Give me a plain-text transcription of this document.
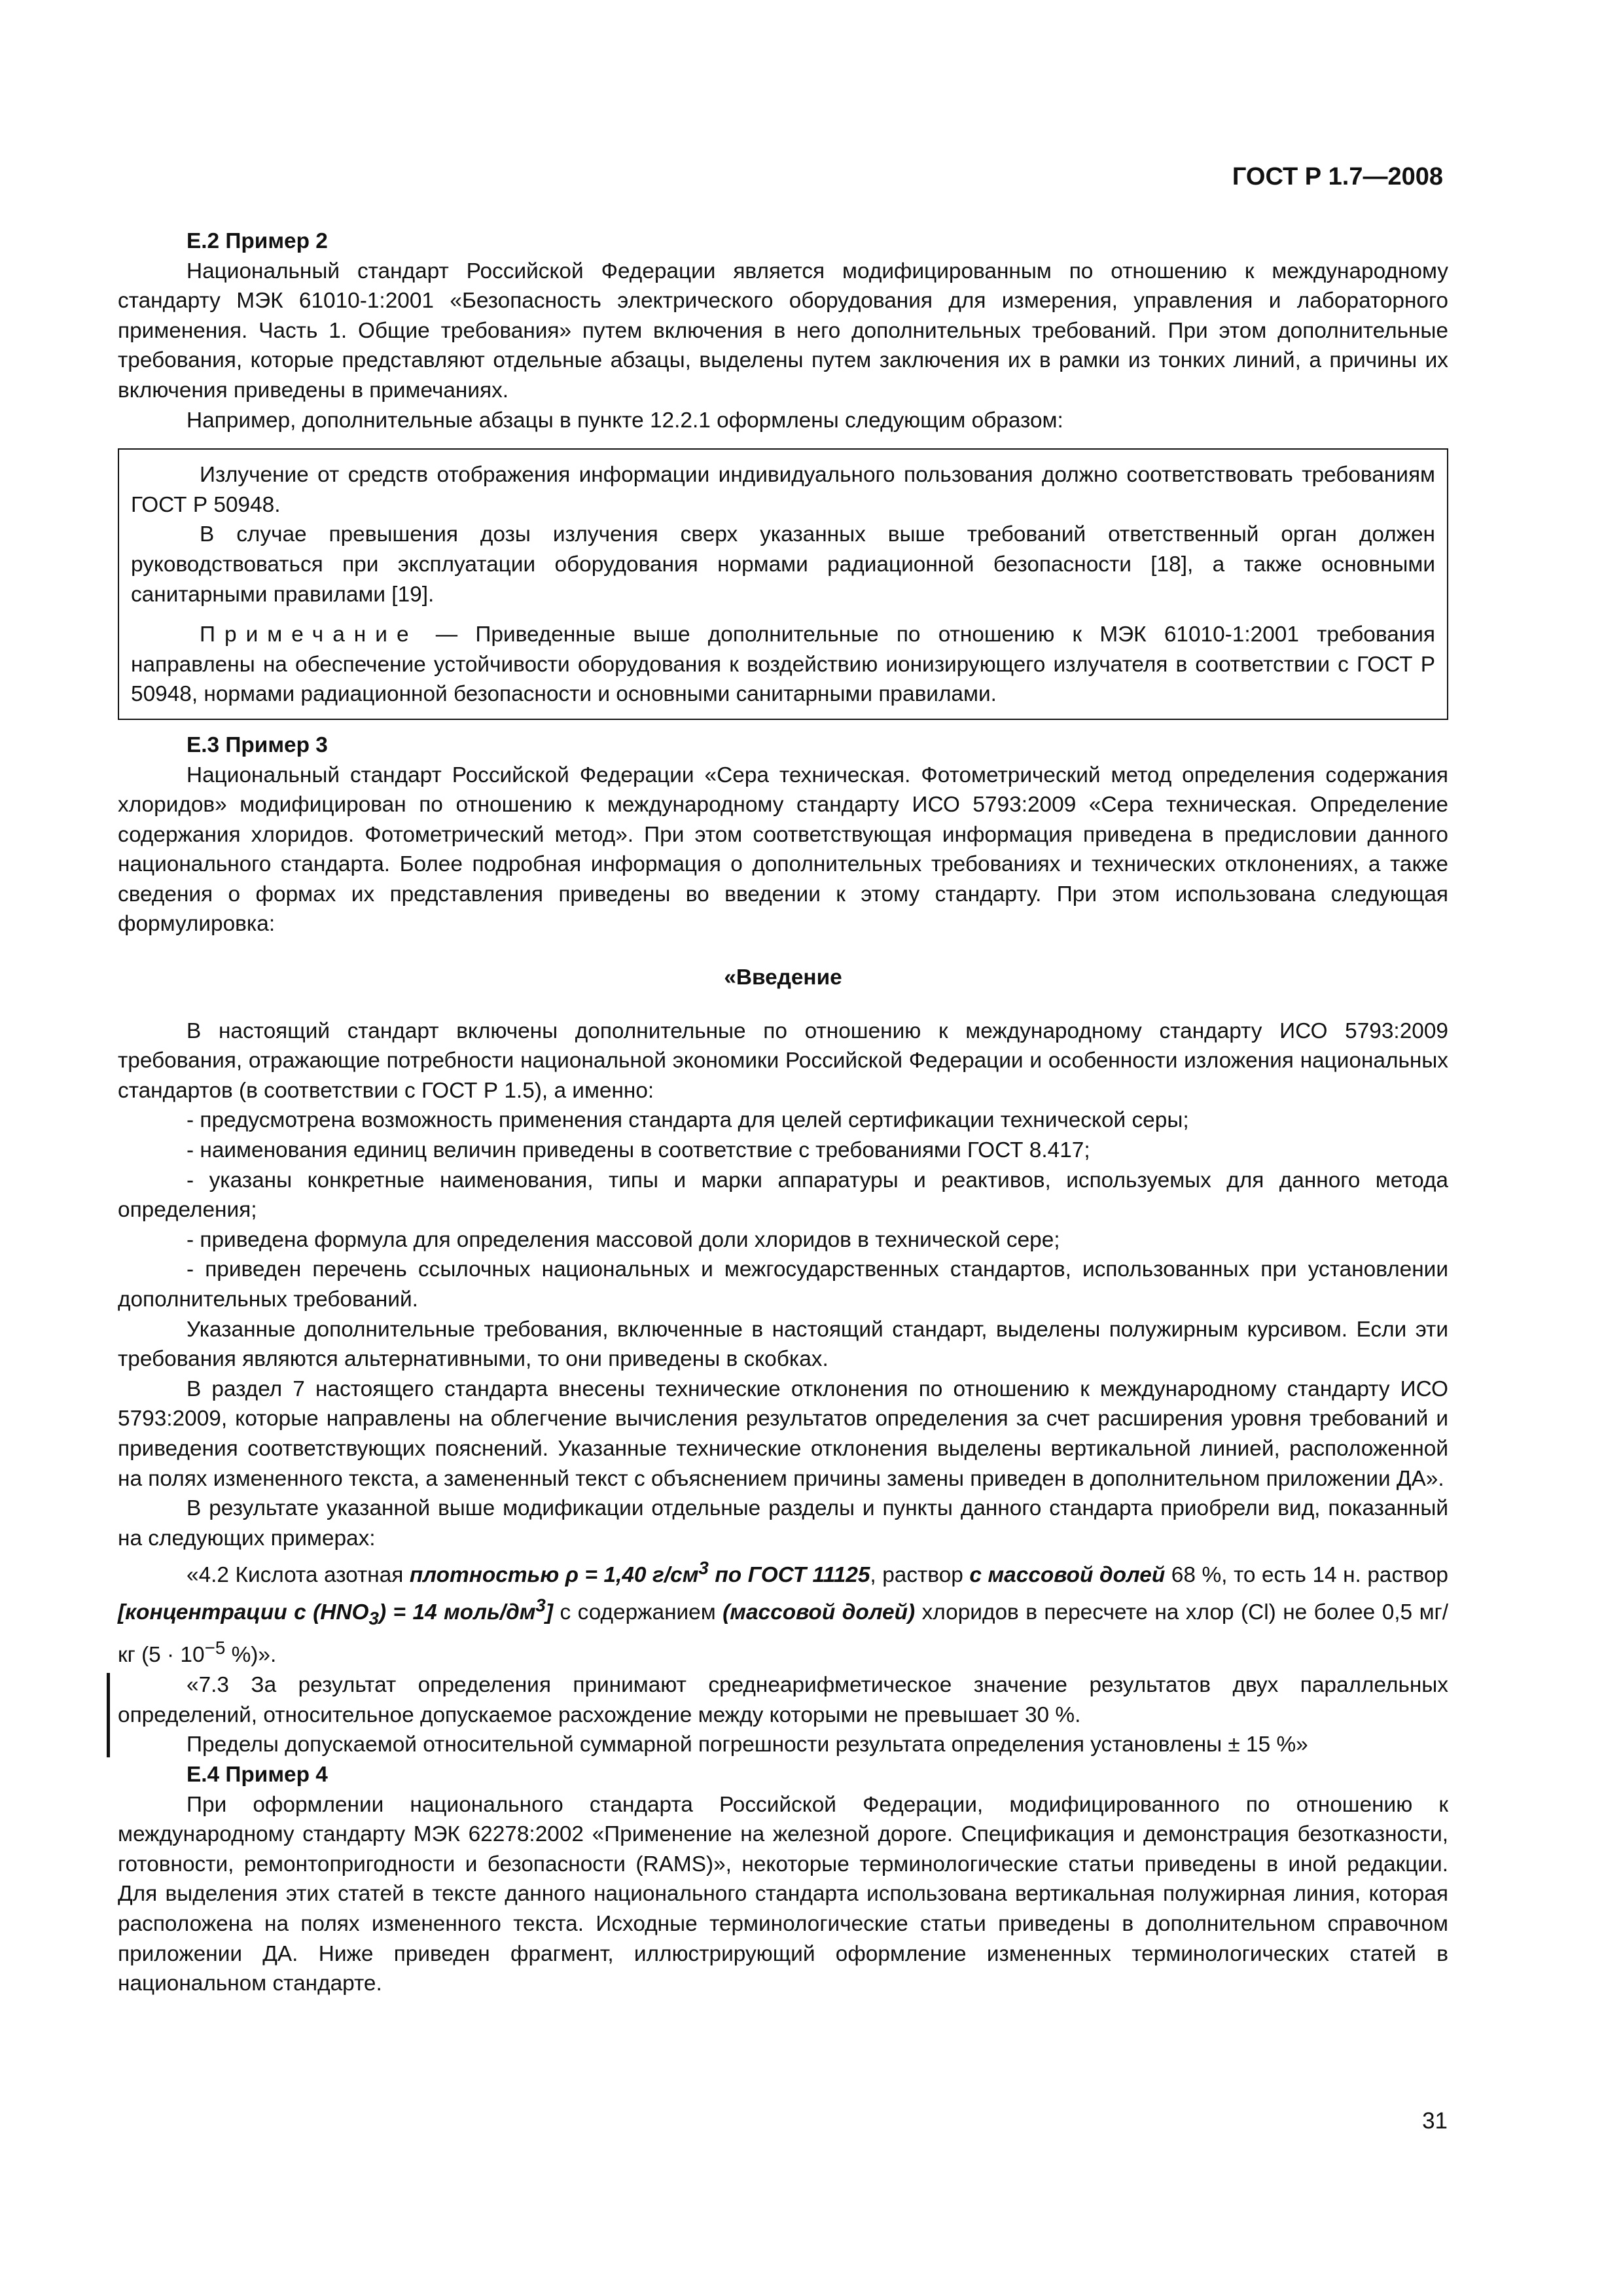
ГОСТ Р 1.7—2008

Е.2 Пример 2

Национальный стандарт Российской Федерации является модифицированным по отношению к международному стандарту МЭК 61010-1:2001 «Безопасность электрического оборудования для измерения, управления и лабораторного применения. Часть 1. Общие требования» путем включения в него дополнительных требований. При этом дополнительные требования, которые представляют отдельные абзацы, выделены путем заключения их в рамки из тонких линий, а причины их включения приведены в примечаниях.

Например, дополнительные абзацы в пункте 12.2.1 оформлены следующим образом:

Излучение от средств отображения информации индивидуального пользования должно соответствовать требованиям ГОСТ Р 50948.

В случае превышения дозы излучения сверх указанных выше требований ответственный орган должен руководствоваться при эксплуатации оборудования нормами радиационной безопасности [18], а также основными санитарными правилами [19].

Примечание — Приведенные выше дополнительные по отношению к МЭК 61010-1:2001 требования направлены на обеспечение устойчивости оборудования к воздействию ионизирующего излучателя в соответствии с ГОСТ Р 50948, нормами радиационной безопасности и основными санитарными правилами.

Е.3 Пример 3

Национальный стандарт Российской Федерации «Сера техническая. Фотометрический метод определения содержания хлоридов» модифицирован по отношению к международному стандарту ИСО 5793:2009 «Сера техническая. Определение содержания хлоридов. Фотометрический метод». При этом соответствующая информация приведена в предисловии данного национального стандарта. Более подробная информация о дополнительных требованиях и технических отклонениях, а также сведения о формах их представления приведены во введении к этому стандарту. При этом использована следующая формулировка:

«Введение

В настоящий стандарт включены дополнительные по отношению к международному стандарту ИСО 5793:2009 требования, отражающие потребности национальной экономики Российской Федерации и особенности изложения национальных стандартов (в соответствии с ГОСТ Р 1.5), а именно:

- предусмотрена возможность применения стандарта для целей сертификации технической серы;

- наименования единиц величин приведены в соответствие с требованиями ГОСТ 8.417;

- указаны конкретные наименования, типы и марки аппаратуры и реактивов, используемых для данного метода определения;

- приведена формула для определения массовой доли хлоридов в технической сере;

- приведен перечень ссылочных национальных и межгосударственных стандартов, использованных при установлении дополнительных требований.

Указанные дополнительные требования, включенные в настоящий стандарт, выделены полужирным курсивом. Если эти требования являются альтернативными, то они приведены в скобках.

В раздел 7 настоящего стандарта внесены технические отклонения по отношению к международному стандарту ИСО 5793:2009, которые направлены на облегчение вычисления результатов определения за счет расширения уровня требований и приведения соответствующих пояснений. Указанные технические отклонения выделены вертикальной линией, расположенной на полях измененного текста, а замененный текст с объяснением причины замены приведен в дополнительном приложении ДА».

В результате указанной выше модификации отдельные разделы и пункты данного стандарта приобрели вид, показанный на следующих примерах:

«4.2 Кислота азотная плотностью ρ = 1,40 $г/см^3$ по ГОСТ 11125, раствор с массовой долей 68 %, то есть 14 н. раствор [концентрации с $(HNO_3) = 14$ моль/$дм^3$] с содержанием (массовой долей) хлоридов в пересчете на хлор (Cl) не более 0,5 мг/кг ($5 \cdot 10^{-5}$ %)».

«7.3 За результат определения принимают среднеарифметическое значение результатов двух параллельных определений, относительное допускаемое расхождение между которыми не превышает 30 %.

Пределы допускаемой относительной суммарной погрешности результата определения установлены ± 15 %»

Е.4 Пример 4

При оформлении национального стандарта Российской Федерации, модифицированного по отношению к международному стандарту МЭК 62278:2002 «Применение на железной дороге. Спецификация и демонстрация безотказности, готовности, ремонтопригодности и безопасности (RAMS)», некоторые терминологические статьи приведены в иной редакции. Для выделения этих статей в тексте данного национального стандарта использована вертикальная полужирная линия, которая расположена на полях измененного текста. Исходные терминологические статьи приведены в дополнительном справочном приложении ДА. Ниже приведен фрагмент, иллюстрирующий оформление измененных терминологических статей в национальном стандарте.

31
